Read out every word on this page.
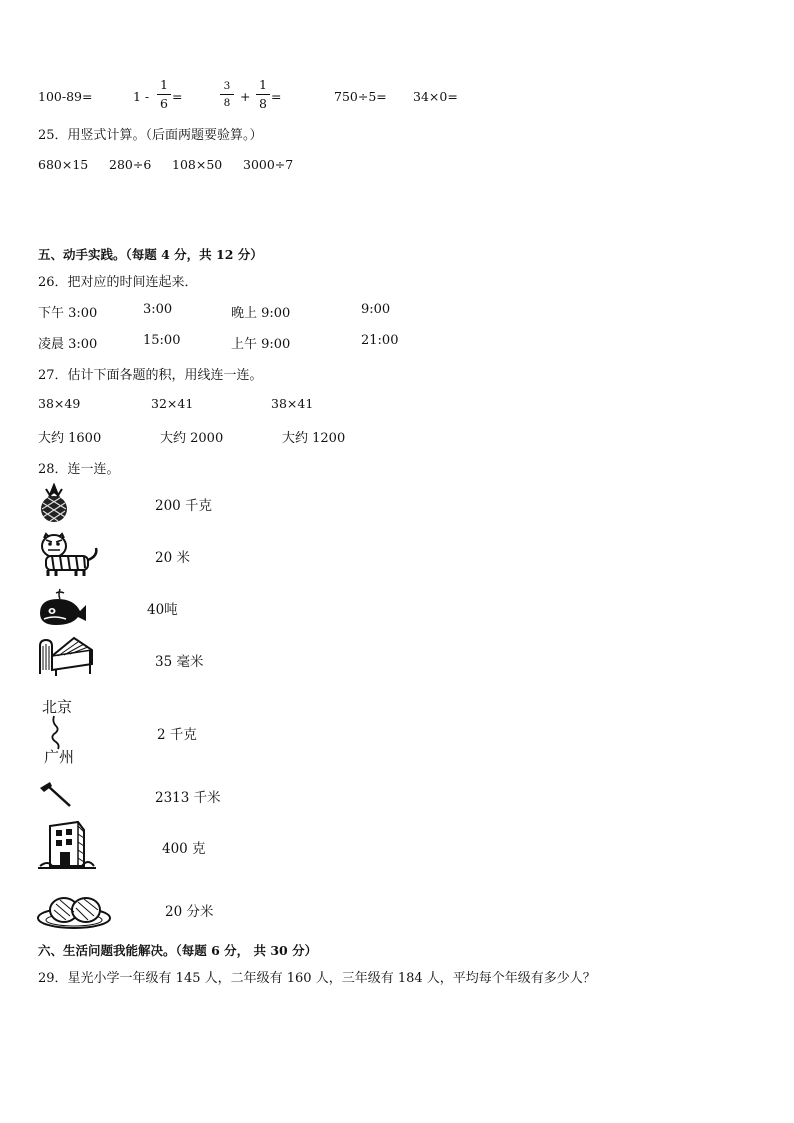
100-89=	1 -
1
6 =
3
8 +
1
8 =	750÷5= 34×0=
25．用竖式计算。（后面两题要验算。）
680×15 280÷6 108×50 3000÷7
五、动手实践。（每题 4 分，共 12 分）
26．把对应的时间连起来．
下午 3:00	3:00	晚上 9:00	9:00
凌晨 3:00	15:00	上午 9:00	21:00
27．估计下面各题的积，用线连一连。
38×49	32×41	38×41
大约 1600	大约 2000	大约 1200
28．连一连。
200 千克
20 米
40吨
35 毫米
北京
广州
2 千克
2313 千米
400 克
20 分米
六、生活问题我能解决。（每题 6 分， 共 30 分）
29．星光小学一年级有 145 人，二年级有 160 人，三年级有 184 人，平均每个年级有多少人？
